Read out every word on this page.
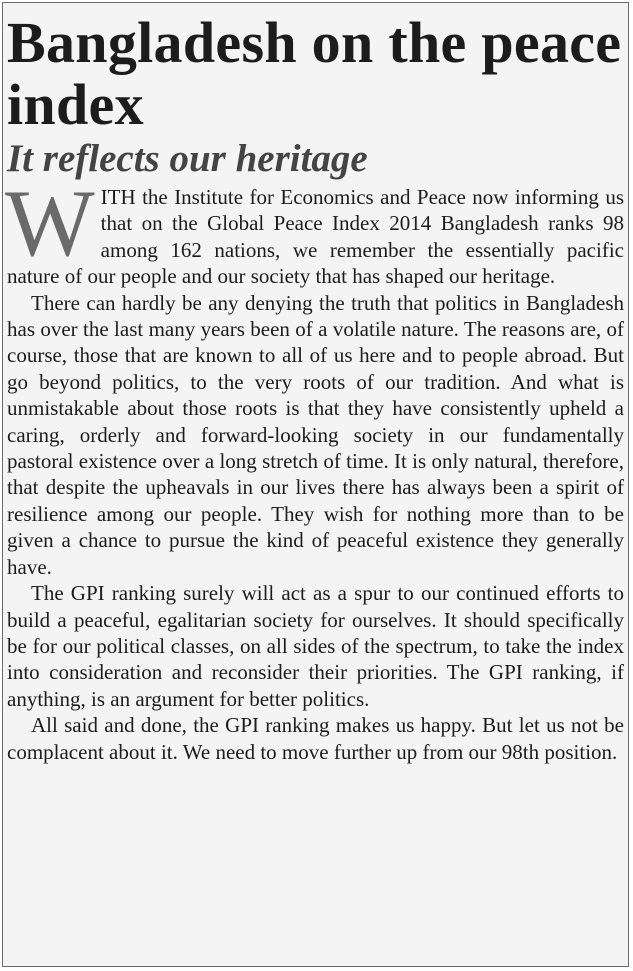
Bangladesh on the peace index
It reflects our heritage

WITH the Institute for Economics and Peace now informing us that on the Global Peace Index 2014 Bangladesh ranks 98 among 162 nations, we remember the essentially pacific nature of our people and our society that has shaped our heritage.

There can hardly be any denying the truth that politics in Bangladesh has over the last many years been of a volatile nature. The reasons are, of course, those that are known to all of us here and to people abroad. But go beyond politics, to the very roots of our tradition. And what is unmistakable about those roots is that they have consistently upheld a caring, orderly and forward-looking society in our fundamentally pastoral existence over a long stretch of time. It is only natural, therefore, that despite the upheavals in our lives there has always been a spirit of resilience among our people. They wish for nothing more than to be given a chance to pursue the kind of peaceful existence they generally have.

The GPI ranking surely will act as a spur to our continued efforts to build a peaceful, egalitarian society for ourselves. It should specifically be for our political classes, on all sides of the spectrum, to take the index into consideration and reconsider their priorities. The GPI ranking, if anything, is an argument for better politics.

All said and done, the GPI ranking makes us happy. But let us not be complacent about it. We need to move further up from our 98th position.
